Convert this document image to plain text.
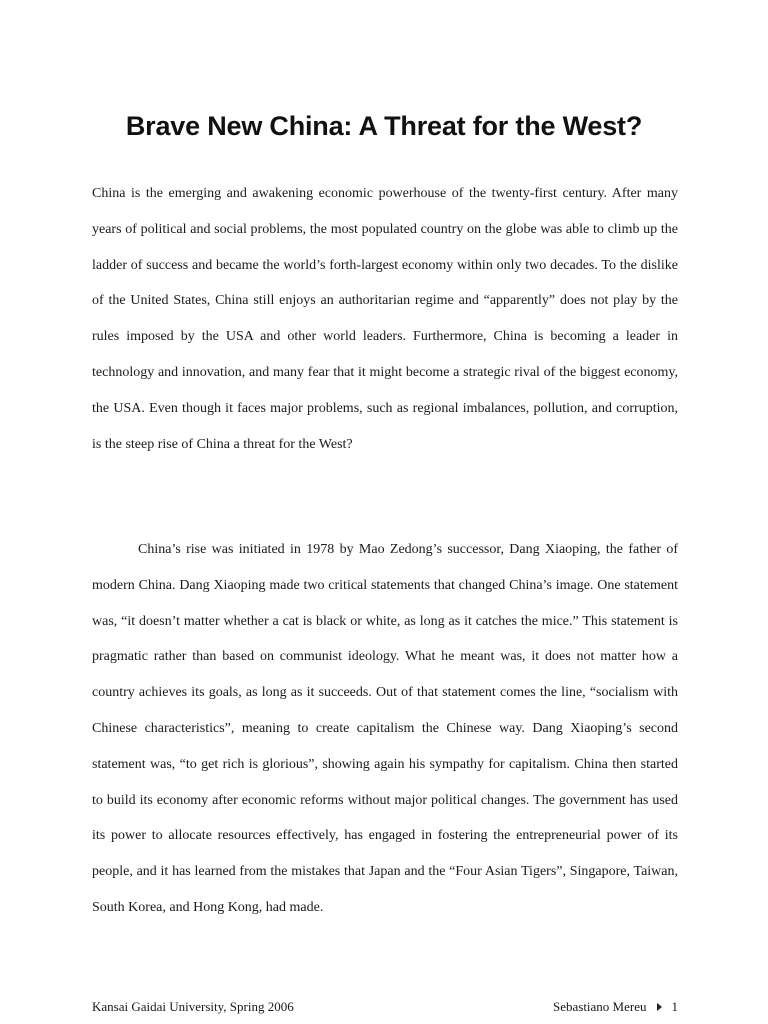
Brave New China: A Threat for the West?

China is the emerging and awakening economic powerhouse of the twenty-first century. After many years of political and social problems, the most populated country on the globe was able to climb up the ladder of success and became the world’s forth-largest economy within only two decades. To the dislike of the United States, China still enjoys an authoritarian regime and “apparently” does not play by the rules imposed by the USA and other world leaders. Furthermore, China is becoming a leader in technology and innovation, and many fear that it might become a strategic rival of the biggest economy, the USA. Even though it faces major problems, such as regional imbalances, pollution, and corruption, is the steep rise of China a threat for the West?

China’s rise was initiated in 1978 by Mao Zedong’s successor, Dang Xiaoping, the father of modern China. Dang Xiaoping made two critical statements that changed China’s image. One statement was, “it doesn’t matter whether a cat is black or white, as long as it catches the mice.” This statement is pragmatic rather than based on communist ideology. What he meant was, it does not matter how a country achieves its goals, as long as it succeeds. Out of that statement comes the line, “socialism with Chinese characteristics”, meaning to create capitalism the Chinese way. Dang Xiaoping’s second statement was, “to get rich is glorious”, showing again his sympathy for capitalism. China then started to build its economy after economic reforms without major political changes. The government has used its power to allocate resources effectively, has engaged in fostering the entrepreneurial power of its people, and it has learned from the mistakes that Japan and the “Four Asian Tigers”, Singapore, Taiwan, South Korea, and Hong Kong, had made.

Kansai Gaidai University, Spring 2006	Sebastiano Mereu 1
